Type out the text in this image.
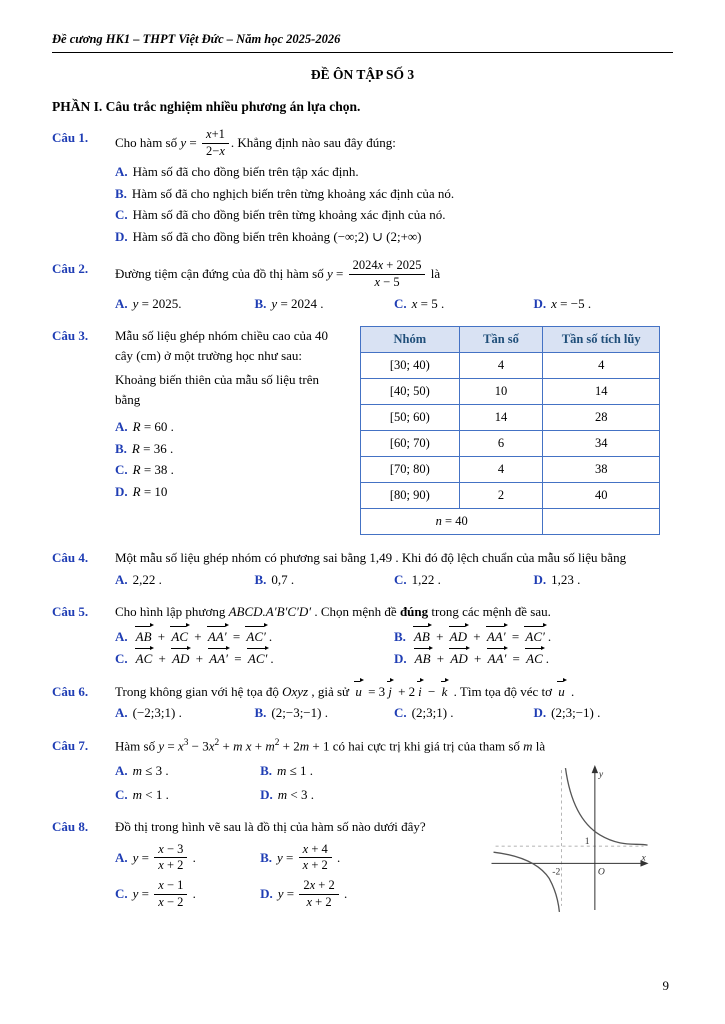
Đề cương HK1 – THPT Việt Đức – Năm học 2025-2026
ĐỀ ÔN TẬP SỐ 3
PHẦN I. Câu trắc nghiệm nhiều phương án lựa chọn.
Câu 1.	Cho hàm số $y = \frac{x+1}{2-x}$ . Khẳng định nào sau đây đúng:
A. Hàm số đã cho đồng biến trên tập xác định.
B. Hàm số đã cho nghịch biến trên từng khoảng xác định của nó.
C. Hàm số đã cho đồng biến trên từng khoảng xác định của nó.
D. Hàm số đã cho đồng biến trên khoảng (−∞;2) ∪ (2;+∞)
Câu 2.	Đường tiệm cận đứng của đồ thị hàm số $y = \frac{2024x + 2025}{x - 5}$ là
A. y = 2025.	B. y = 2024 .	C. x = 5 .	D. x = −5 .
Câu 3.	Mẫu số liệu ghép nhóm chiều cao của 40 cây (cm) ở một trường học như sau:
Khoảng biến thiên của mẫu số liệu trên bằng
A. R = 60 .
B. R = 36 .
C. R = 38 .
D. R = 10
Nhóm	Tần số	Tần số tích lũy
[30; 40)	4	4
[40; 50)	10	14
[50; 60)	14	28
[60; 70)	6	34
[70; 80)	4	38
[80; 90)	2	40
n = 40		
Câu 4.	Một mẫu số liệu ghép nhóm có phương sai bằng 1,49 . Khi đó độ lệch chuẩn của mẫu số liệu bằng
A. 2,22 .	B. 0,7 .	C. 1,22 .	D. 1,23 .
Câu 5.	Cho hình lập phương ABCD.A′B′C′D′ . Chọn mệnh đề đúng trong các mệnh đề sau.
A. AB + AC + AA′ = AC′ .	B. AB + AD + AA′ = AC′ .
C. AC + AD + AA′ = AC′ .	D. AB + AD + AA′ = AC .
Câu 6.	Trong không gian với hệ tọa độ Oxyz , giả sử u = 3 j + 2 i − k . Tìm tọa độ véc tơ u .
A. (−2;3;1) .	B. (2;−3;−1) .	C. (2;3;1) .	D. (2;3;−1) .
Câu 7.	Hàm số $y = x^3 - 3x^2 + m$ $x + m^2 + 2m + 1$ có hai cực trị khi giá trị của tham số m là
A. m ≤ 3 .	B. m ≤ 1 .
C. m < 1 .	D. m < 3 .
Câu 8.
y
x
O
-2
1
Đồ thị trong hình vẽ sau là đồ thị của hàm số nào dưới đây?
A. $y = \frac{x - 3}{x + 2}$ .	B. $y = \frac{x + 4}{x + 2}$ .
C. $y = \frac{x - 1}{x - 2}$ .	D. $y = \frac{2x + 2}{x + 2}$ .
9
